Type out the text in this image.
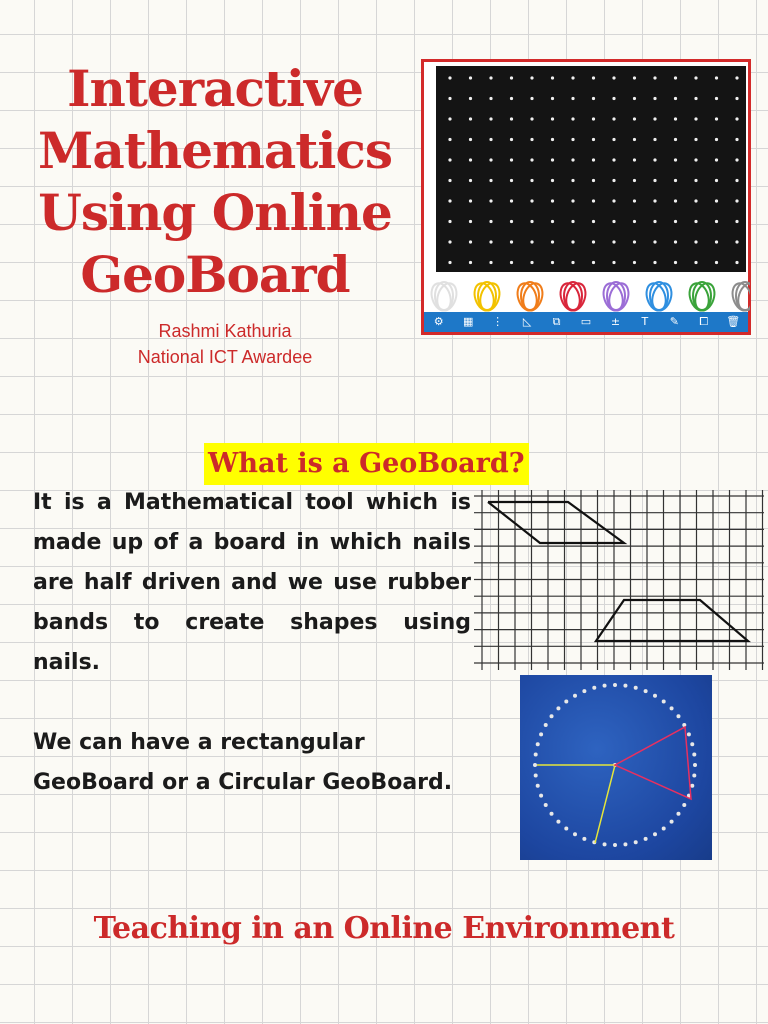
Interactive
Mathematics
Using Online
GeoBoard
Rashmi Kathuria
National ICT Awardee
⚙	▦	⋮	◺	⧉	▭	±	T	✎	⧠	🗑
What is a GeoBoard?

It is a Mathematical tool which is made up of a board in which nails are half driven and we use rubber bands to create shapes using nails.

We can have a rectangular GeoBoard or a Circular GeoBoard.

Teaching in an Online Environment
